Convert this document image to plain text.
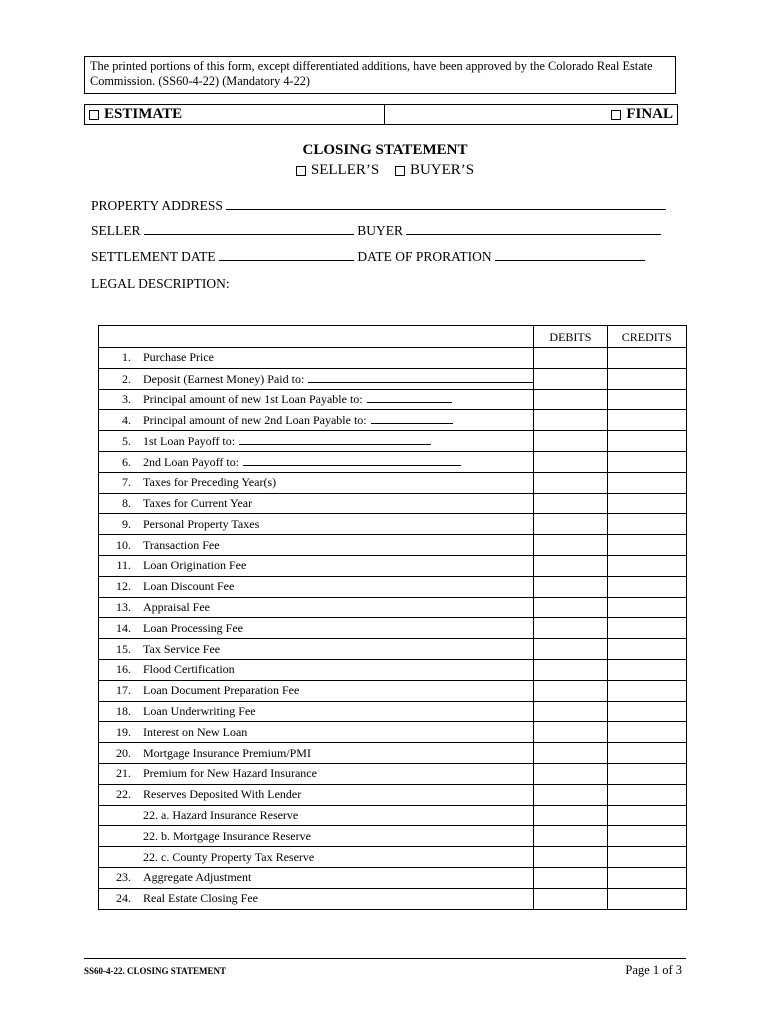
The printed portions of this form, except differentiated additions, have been approved by the Colorado Real Estate Commission. (SS60-4-22) (Mandatory 4-22)
ESTIMATE	FINAL
CLOSING STATEMENT
SELLER’S BUYER’S
PROPERTY ADDRESS
SELLER	BUYER
SETTLEMENT DATE	DATE OF PRORATION
LEGAL DESCRIPTION:
	DEBITS	CREDITS
1. Purchase Price		
2. Deposit (Earnest Money) Paid to:		
3. Principal amount of new 1st Loan Payable to:		
4. Principal amount of new 2nd Loan Payable to:		
5. 1st Loan Payoff to:		
6. 2nd Loan Payoff to:		
7. Taxes for Preceding Year(s)		
8. Taxes for Current Year		
9. Personal Property Taxes		
10. Transaction Fee		
11. Loan Origination Fee		
12. Loan Discount Fee		
13. Appraisal Fee		
14. Loan Processing Fee		
15. Tax Service Fee		
16. Flood Certification		
17. Loan Document Preparation Fee		
18. Loan Underwriting Fee		
19. Interest on New Loan		
20. Mortgage Insurance Premium/PMI		
21. Premium for New Hazard Insurance		
22. Reserves Deposited With Lender		
22. a. Hazard Insurance Reserve		
22. b. Mortgage Insurance Reserve		
22. c. County Property Tax Reserve		
23. Aggregate Adjustment		
24. Real Estate Closing Fee		
SS60-4-22. CLOSING STATEMENT	Page 1 of 3
